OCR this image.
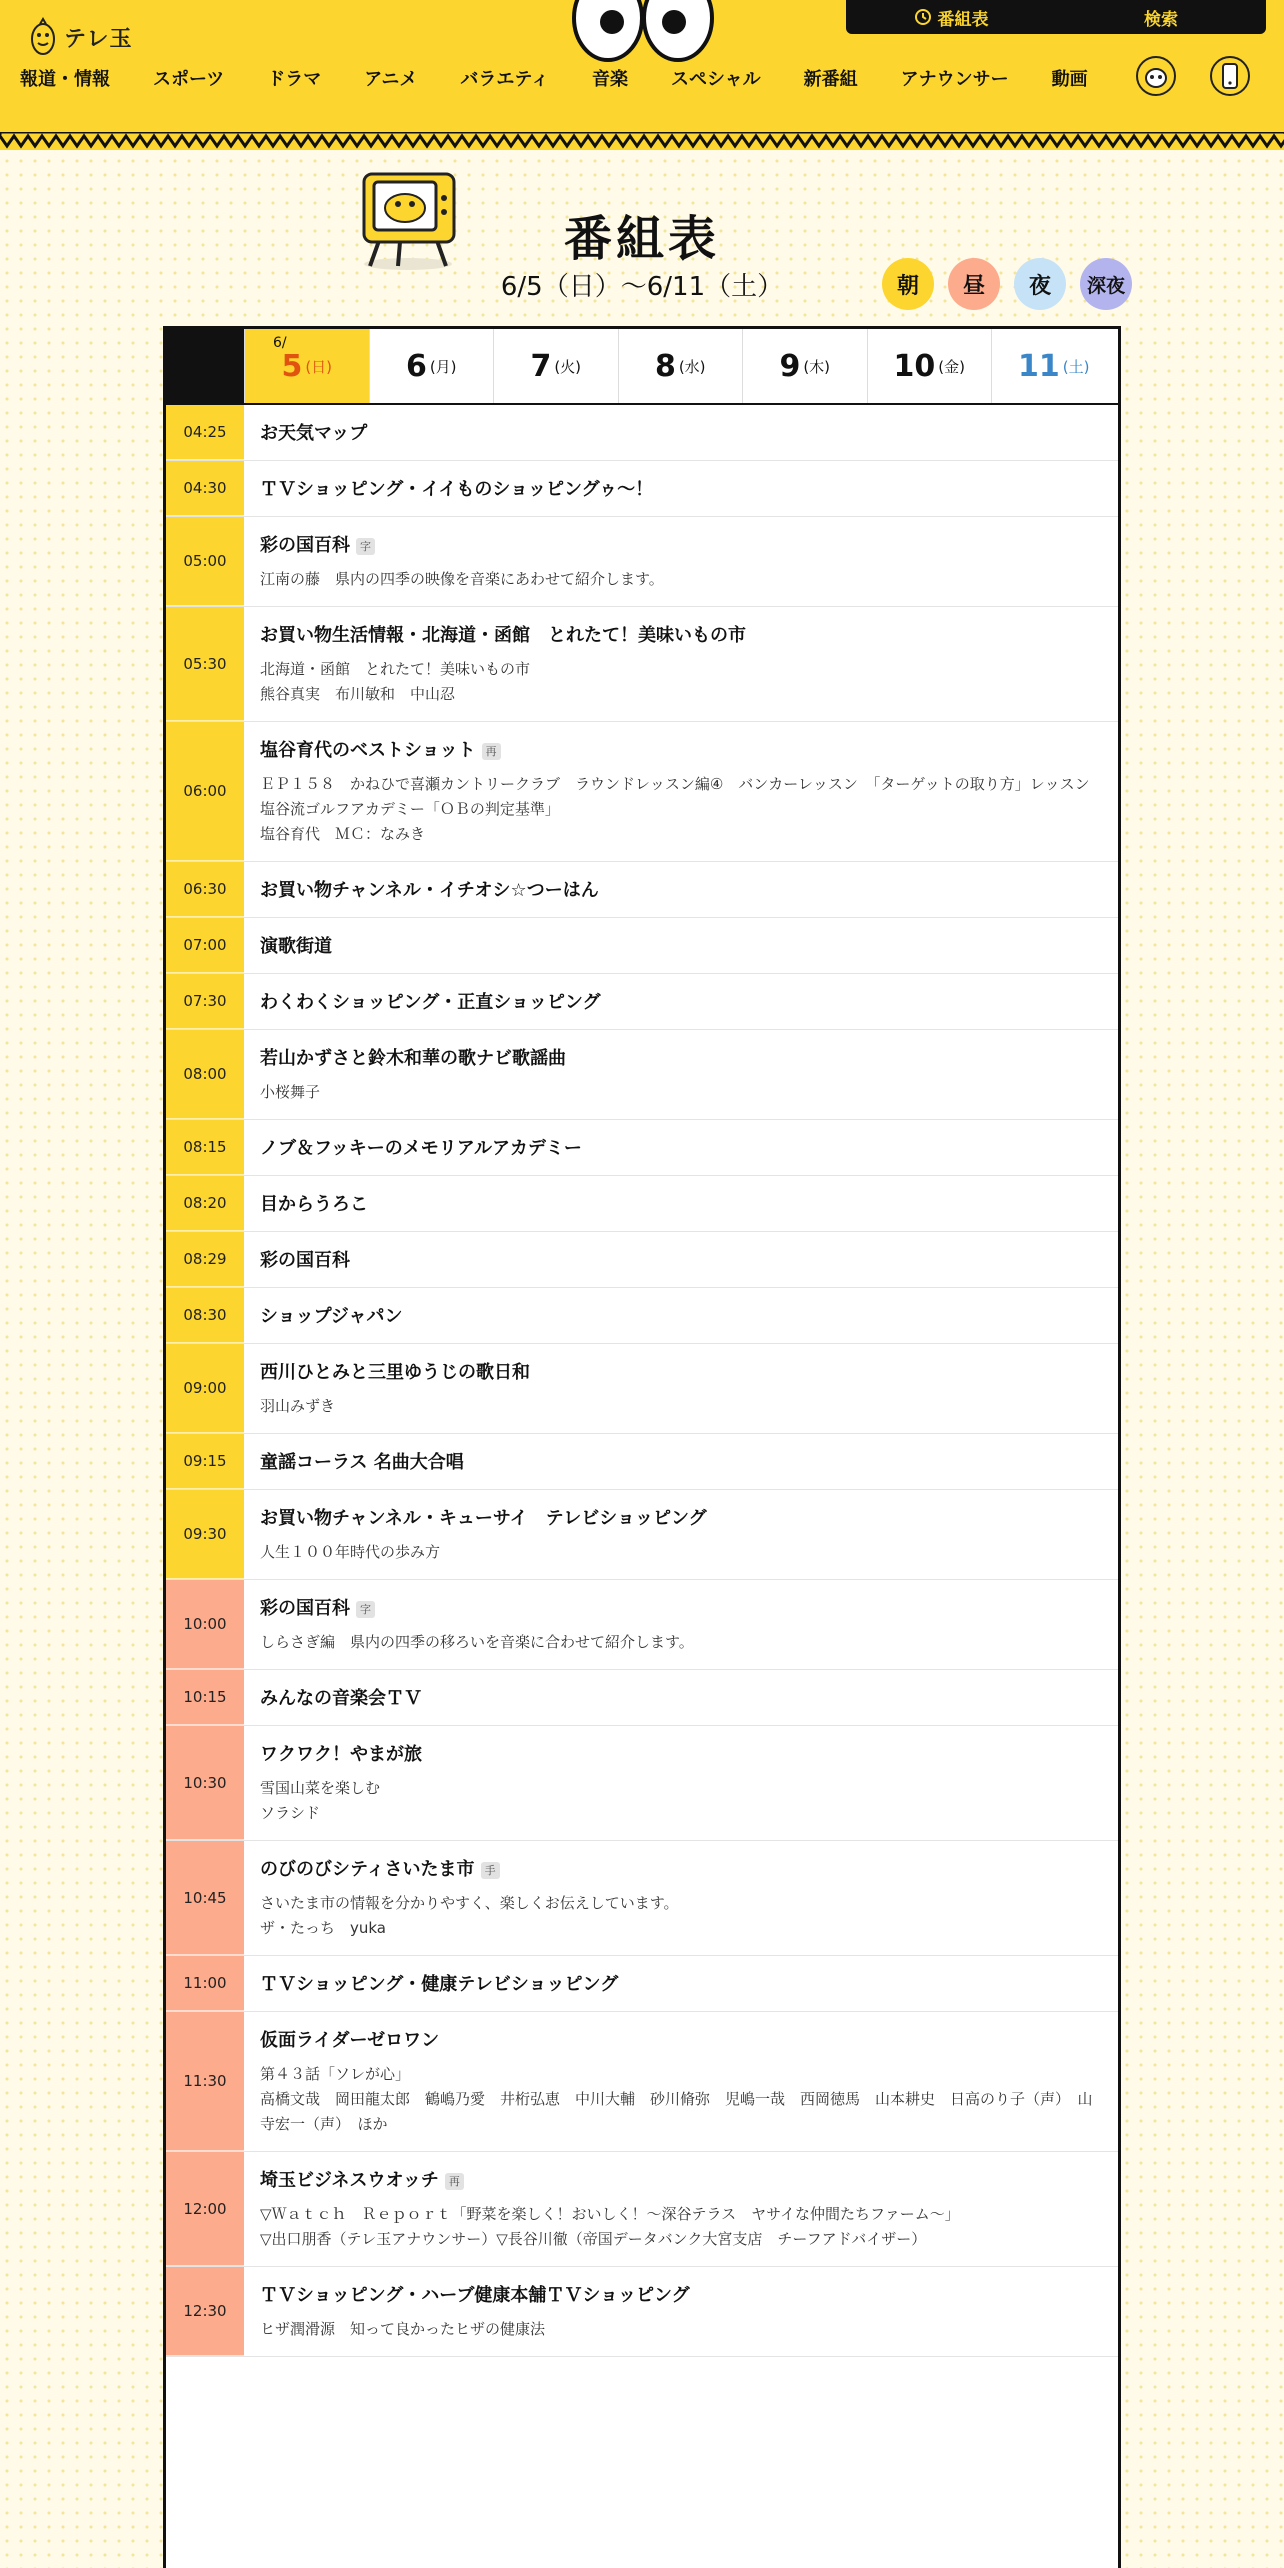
テレ玉
番組表	検索
報道・情報 スポーツ ドラマ アニメ バラエティ 音楽 スペシャル 新番組 アナウンサー 動画
番組表
6/5（日）〜6/11（土）	朝	昼	夜	深夜
6/
5 (日) 6 (月) 7 (火) 8 (水) 9 (木) 10 (金) 11 (土)
04:25	お天気マップ
04:30	ＴＶショッピング・イイものショッピングゥ～！
05:00
彩の国百科 字
江南の藤　県内の四季の映像を音楽にあわせて紹介します。
05:30
お買い物生活情報・北海道・函館　とれたて！美味いもの市
北海道・函館　とれたて！美味いもの市
熊谷真実　布川敏和　中山忍
06:00
塩谷育代のベストショット 再
ＥＰ１５８　かねひで喜瀬カントリークラブ　ラウンドレッスン編④　バンカーレッスン　「ターゲットの取り方」レッスン　塩谷流ゴルフアカデミー「ＯＢの判定基準」
塩谷育代　ＭＣ：なみき
06:30	お買い物チャンネル・イチオシ☆つーはん
07:00	演歌街道
07:30	わくわくショッピング・正直ショッピング
08:00
若山かずさと鈴木和華の歌ナビ歌謡曲
小桜舞子
08:15	ノブ＆フッキーのメモリアルアカデミー
08:20	目からうろこ
08:29	彩の国百科
08:30	ショップジャパン
09:00
西川ひとみと三里ゆうじの歌日和
羽山みずき
09:15	童謡コーラス 名曲大合唱
09:30
お買い物チャンネル・キューサイ　テレビショッピング
人生１００年時代の歩み方
10:00
彩の国百科 字
しらさぎ編　県内の四季の移ろいを音楽に合わせて紹介します。
10:15	みんなの音楽会ＴＶ
10:30
ワクワク！やまが旅
雪国山菜を楽しむ
ソラシド
10:45
のびのびシティさいたま市 手
さいたま市の情報を分かりやすく、楽しくお伝えしています。
ザ・たっち　yuka
11:00	ＴＶショッピング・健康テレビショッピング
11:30
仮面ライダーゼロワン
第４３話「ソレが心」
高橋文哉　岡田龍太郎　鶴嶋乃愛　井桁弘恵　中川大輔　砂川脩弥　児嶋一哉　西岡徳馬　山本耕史　日高のり子（声）　山寺宏一（声）　ほか
12:00
埼玉ビジネスウオッチ 再
▽Ｗａｔｃｈ　Ｒｅｐｏｒｔ「野菜を楽しく！おいしく！～深谷テラス　ヤサイな仲間たちファーム～」
▽出口朋香（テレ玉アナウンサー）▽長谷川徹（帝国データバンク大宮支店　チーフアドバイザー）
12:30
ＴＶショッピング・ハーブ健康本舗ＴＶショッピング
ヒザ潤滑源　知って良かったヒザの健康法
